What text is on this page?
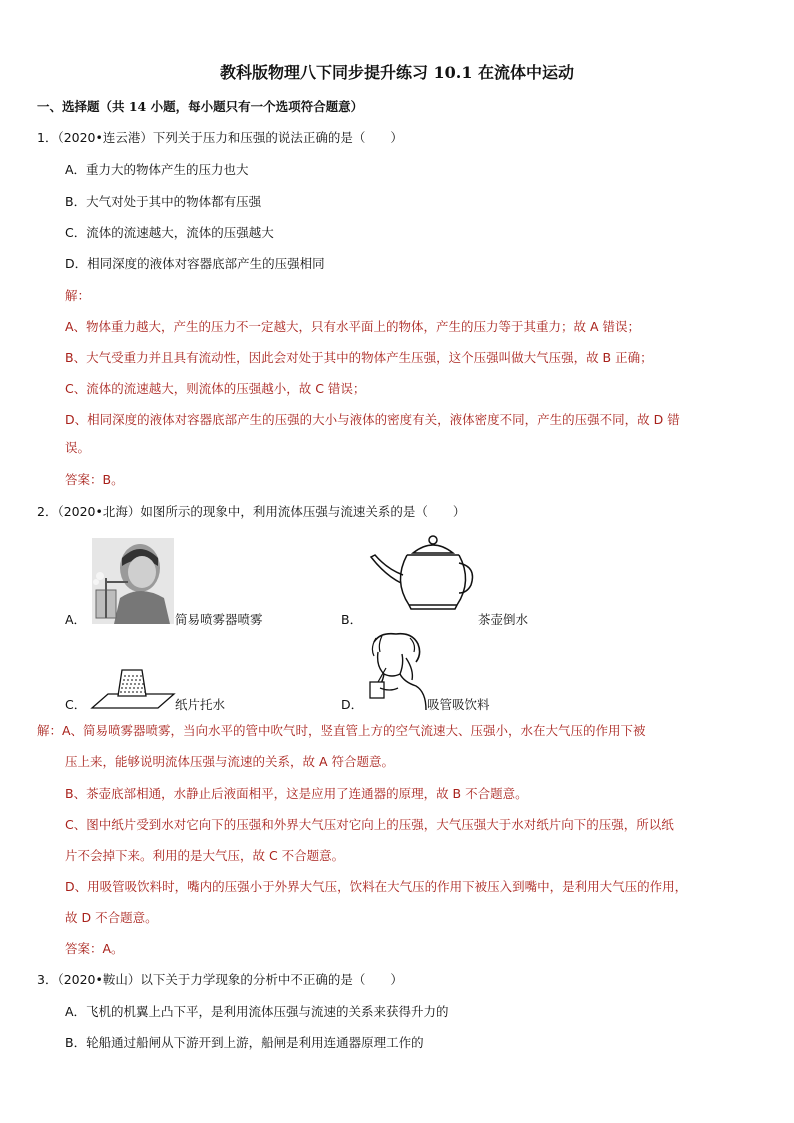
教科版物理八下同步提升练习 10.1 在流体中运动
一、选择题（共 14 小题，每小题只有一个选项符合题意）
1．（2020•连云港）下列关于压力和压强的说法正确的是（　　）
A．重力大的物体产生的压力也大
B．大气对处于其中的物体都有压强
C．流体的流速越大，流体的压强越大
D．相同深度的液体对容器底部产生的压强相同
解：
A、物体重力越大，产生的压力不一定越大，只有水平面上的物体，产生的压力等于其重力；故 A 错误；
B、大气受重力并且具有流动性，因此会对处于其中的物体产生压强，这个压强叫做大气压强，故 B 正确；
C、流体的流速越大，则流体的压强越小，故 C 错误；
D、相同深度的液体对容器底部产生的压强的大小与液体的密度有关，液体密度不同，产生的压强不同，故 D 错
误。
答案：B。
2．（2020•北海）如图所示的现象中，利用流体压强与流速关系的是（　　）
A．	简易喷雾器喷雾	B．	茶壶倒水
C．	纸片托水	D．	吸管吸饮料
解：A、简易喷雾器喷雾，当向水平的管中吹气时，竖直管上方的空气流速大、压强小，水在大气压的作用下被
压上来，能够说明流体压强与流速的关系，故 A 符合题意。
B、茶壶底部相通，水静止后液面相平，这是应用了连通器的原理，故 B 不合题意。
C、图中纸片受到水对它向下的压强和外界大气压对它向上的压强，大气压强大于水对纸片向下的压强，所以纸
片不会掉下来。利用的是大气压，故 C 不合题意。
D、用吸管吸饮料时，嘴内的压强小于外界大气压，饮料在大气压的作用下被压入到嘴中，是利用大气压的作用，
故 D 不合题意。
答案：A。
3．（2020•鞍山）以下关于力学现象的分析中不正确的是（　　）
A．飞机的机翼上凸下平，是利用流体压强与流速的关系来获得升力的
B．轮船通过船闸从下游开到上游，船闸是利用连通器原理工作的
